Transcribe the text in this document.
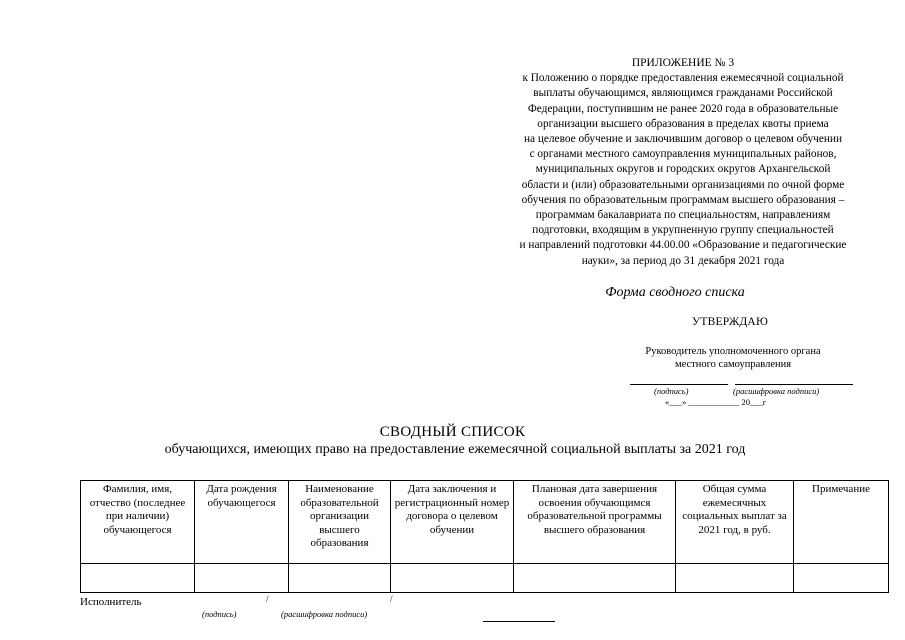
ПРИЛОЖЕНИЕ № 3
к Положению о порядке предоставления ежемесячной социальной
выплаты обучающимся, являющимся гражданами Российской
Федерации, поступившим не ранее 2020 года в образовательные
организации высшего образования в пределах квоты приема
на целевое обучение и заключившим договор о целевом обучении
с органами местного самоуправления муниципальных районов,
муниципальных округов и городских округов Архангельской
области и (или) образовательными организациями по очной форме
обучения по образовательным программам высшего образования –
программам бакалавриата по специальностям, направлениям
подготовки, входящим в укрупненную группу специальностей
и направлений подготовки 44.00.00 «Образование и педагогические
науки», за период до 31 декабря 2021 года
Форма сводного списка
УТВЕРЖДАЮ
Руководитель уполномоченного органа
местного самоуправления
(подпись)	(расшифровка подписи)
«___» ____________ 20___г
СВОДНЫЙ СПИСОК
обучающихся, имеющих право на предоставление ежемесячной социальной выплаты за 2021 год
Фамилия, имя, отчество (последнее при наличии) обучающегося	Дата рождения обучающегося	Наименование образовательной организации высшего образования	Дата заключения и регистрационный номер договора о целевом обучении	Плановая дата завершения освоения обучающимся образовательной программы высшего образования	Общая сумма ежемесячных социальных выплат за 2021 год, в руб.	Примечание

Исполнитель	/	/
(подпись)	(расшифровка подписи)
